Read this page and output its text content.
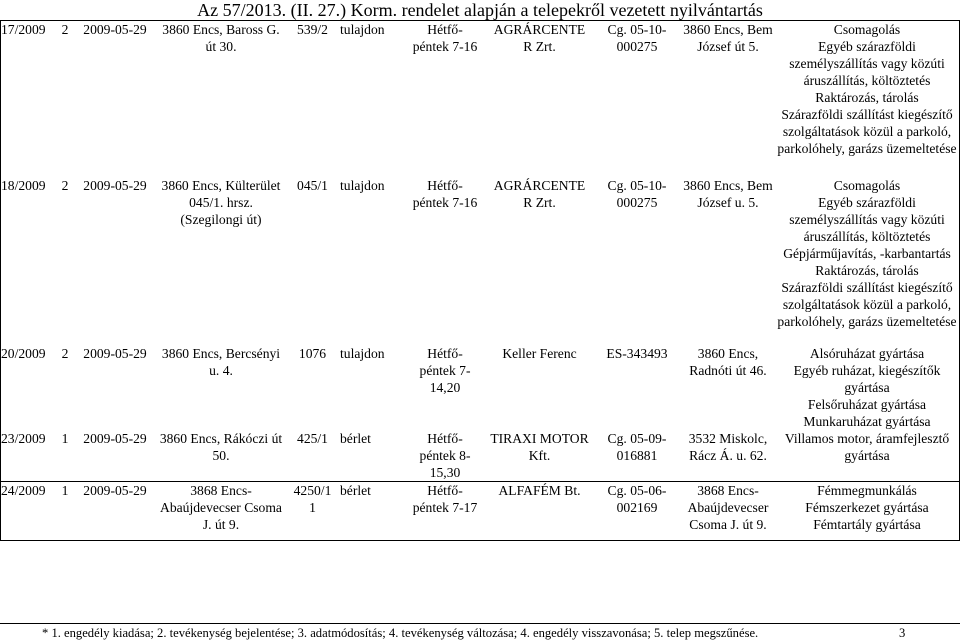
Az 57/2013. (II. 27.) Korm. rendelet alapján a telepekről vezetett nyilvántartás
17/2009	2	2009-05-29	3860 Encs, Baross G. út 30.	539/2	tulajdon	Hétfő-
péntek 7-16	AGRÁRCENTE R Zrt.	Cg. 05-10-
000275	3860 Encs, Bem József út 5.	Csomagolás
Egyéb szárazföldi személyszállítás vagy közúti áruszállítás, költöztetés
Raktározás, tárolás
Szárazföldi szállítást kiegészítő szolgáltatások közül a parkoló, parkolóhely, garázs üzemeltetése
18/2009	2	2009-05-29	3860 Encs, Külterület 045/1. hrsz. (Szegilongi út)	045/1	tulajdon	Hétfő-
péntek 7-16	AGRÁRCENTE R Zrt.	Cg. 05-10-
000275	3860 Encs, Bem József u. 5.	Csomagolás
Egyéb szárazföldi személyszállítás vagy közúti áruszállítás, költöztetés
Gépjárműjavítás, -karbantartás
Raktározás, tárolás
Szárazföldi szállítást kiegészítő szolgáltatások közül a parkoló, parkolóhely, garázs üzemeltetése
20/2009	2	2009-05-29	3860 Encs, Bercsényi u. 4.	1076	tulajdon	Hétfő-
péntek 7-
14,20	Keller Ferenc	ES-343493	3860 Encs, Radnóti út 46.	Alsóruházat gyártása
Egyéb ruházat, kiegészítők gyártása
Felsőruházat gyártása
Munkaruházat gyártása
23/2009	1	2009-05-29	3860 Encs, Rákóczi út 50.	425/1	bérlet	Hétfő-
péntek 8-
15,30	TIRAXI MOTOR Kft.	Cg. 05-09-
016881	3532 Miskolc, Rácz Á. u. 62.	Villamos motor, áramfejlesztő gyártása

24/2009	1	2009-05-29	3868 Encs-Abaújdevecser Csoma J. út 9.	4250/1
1	bérlet	Hétfő-
péntek 7-17	ALFAFÉM Bt.	Cg. 05-06-
002169	3868 Encs-Abaújdevecser Csoma J. út 9.	Fémmegmunkálás
Fémszerkezet gyártása
Fémtartály gyártása
* 1. engedély kiadása; 2. tevékenység bejelentése; 3. adatmódosítás; 4. tevékenység változása; 4. engedély visszavonása; 5. telep megszűnése.	3
